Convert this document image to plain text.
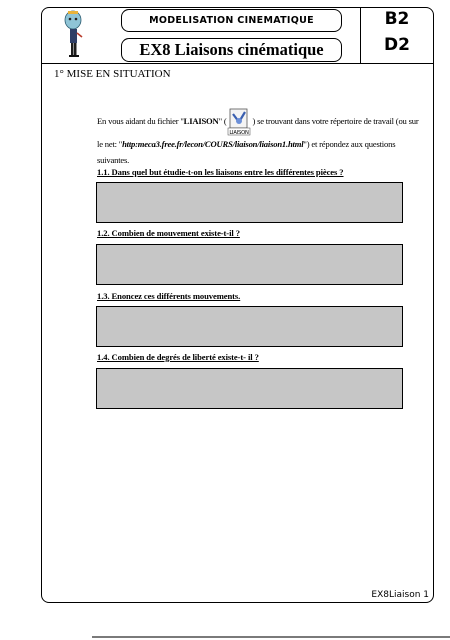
MODELISATION CINEMATIQUE
EX8 Liaisons cinématique
B2
D2
1° MISE EN SITUATION
En vous aidant du fichier "LIAISON" (
LIAISON
) se trouvant dans votre répertoire de travail (ou sur le net: "http:meca3.free.fr/lecon/COURS/liaison/liaison1.html") et répondez aux questions suivantes.
1.1. Dans quel but étudie-t-on les liaisons entre les différentes pièces ?
1.2. Combien de mouvement existe-t-il ?
1.3. Enoncez ces différents mouvements.
1.4. Combien de degrés de liberté existe-t- il ?
EX8Liaison 1
